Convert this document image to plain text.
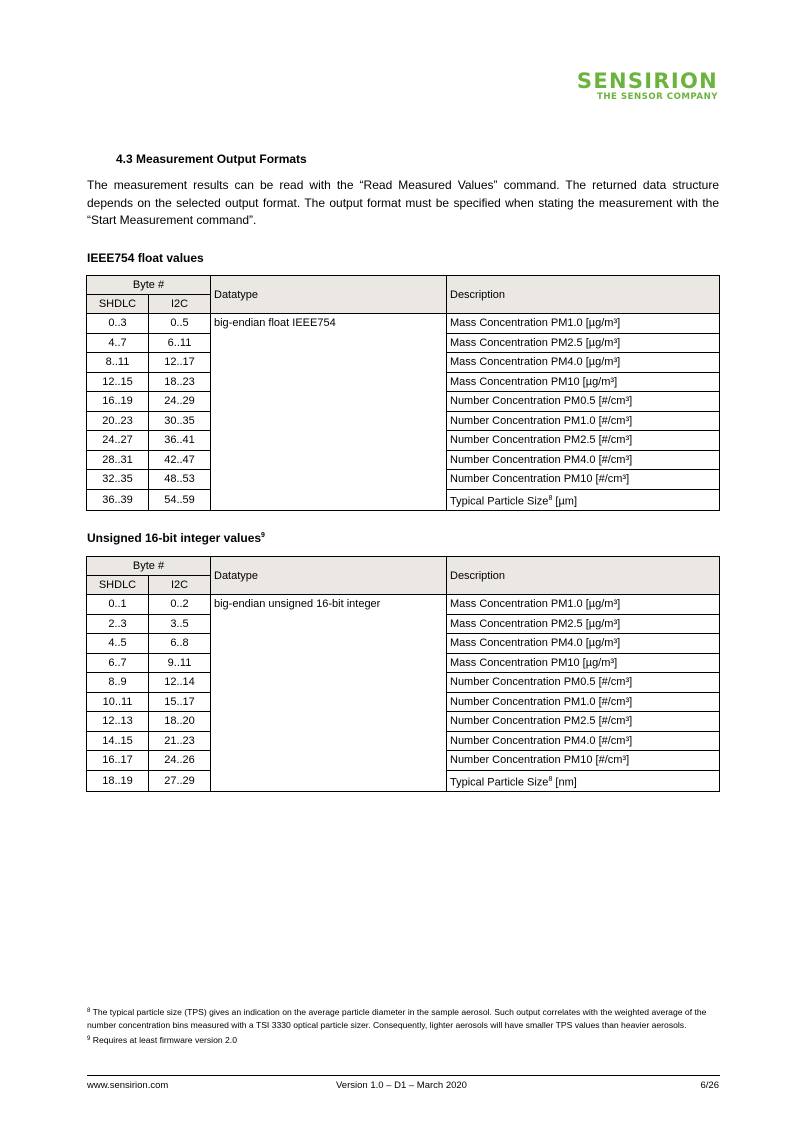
SENSIRION
THE SENSOR COMPANY
4.3 Measurement Output Formats
The measurement results can be read with the “Read Measured Values” command. The returned data structure depends on the selected output format. The output format must be specified when stating the measurement with the “Start Measurement command”.
IEEE754 float values
Byte #		Datatype	Description
SHDLC	I2C		
0..3	0..5	big-endian float IEEE754	Mass Concentration PM1.0 [µg/m³]
4..7	6..11		Mass Concentration PM2.5 [µg/m³]
8..11	12..17		Mass Concentration PM4.0 [µg/m³]
12..15	18..23		Mass Concentration PM10 [µg/m³]
16..19	24..29		Number Concentration PM0.5 [#/cm³]
20..23	30..35		Number Concentration PM1.0 [#/cm³]
24..27	36..41		Number Concentration PM2.5 [#/cm³]
28..31	42..47		Number Concentration PM4.0 [#/cm³]
32..35	48..53		Number Concentration PM10 [#/cm³]
36..39	54..59		Typical Particle Size$^8$ [µm]
Unsigned 16-bit integer values$^9$
Byte #		Datatype	Description
SHDLC	I2C		
0..1	0..2	big-endian unsigned 16-bit integer	Mass Concentration PM1.0 [µg/m³]
2..3	3..5		Mass Concentration PM2.5 [µg/m³]
4..5	6..8		Mass Concentration PM4.0 [µg/m³]
6..7	9..11		Mass Concentration PM10 [µg/m³]
8..9	12..14		Number Concentration PM0.5 [#/cm³]
10..11	15..17		Number Concentration PM1.0 [#/cm³]
12..13	18..20		Number Concentration PM2.5 [#/cm³]
14..15	21..23		Number Concentration PM4.0 [#/cm³]
16..17	24..26		Number Concentration PM10 [#/cm³]
18..19	27..29		Typical Particle Size$^8$ [nm]
$^8$ The typical particle size (TPS) gives an indication on the average particle diameter in the sample aerosol. Such output correlates with the weighted average of the number concentration bins measured with a TSI 3330 optical particle sizer. Consequently, lighter aerosols will have smaller TPS values than heavier aerosols.
$^9$ Requires at least firmware version 2.0
www.sensirion.com	Version 1.0 – D1 – March 2020	6/26
